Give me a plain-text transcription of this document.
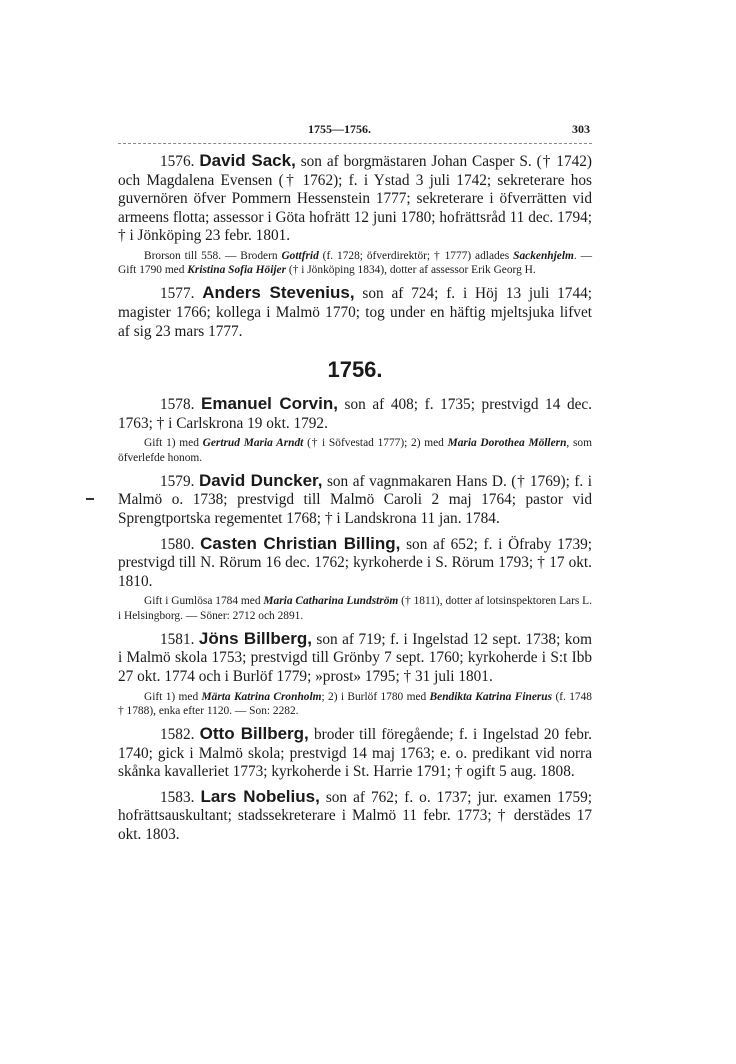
1755—1756.	303

1576. David Sack, son af borgmästaren Johan Casper S. († 1742) och Magdalena Evensen († 1762); f. i Ystad 3 juli 1742; sekreterare hos guvernören öfver Pommern Hessenstein 1777; sekreterare i öfverrätten vid armeens flotta; assessor i Göta hofrätt 12 juni 1780; hofrättsråd 11 dec. 1794; † i Jönköping 23 febr. 1801.

Brorson till 558. — Brodern Gottfrid (f. 1728; öfverdirektör; † 1777) adlades Sackenhjelm. — Gift 1790 med Kristina Sofia Höijer († i Jönköping 1834), dotter af assessor Erik Georg H.

1577. Anders Stevenius, son af 724; f. i Höj 13 juli 1744; magister 1766; kollega i Malmö 1770; tog under en häftig mjeltsjuka lifvet af sig 23 mars 1777.

1756.

1578. Emanuel Corvin, son af 408; f. 1735; prestvigd 14 dec. 1763; † i Carlskrona 19 okt. 1792.

Gift 1) med Gertrud Maria Arndt († i Söfvestad 1777); 2) med Maria Dorothea Möllern, som öfverlefde honom.

1579. David Duncker, son af vagnmakaren Hans D. († 1769); f. i Malmö o. 1738; prestvigd till Malmö Caroli 2 maj 1764; pastor vid Sprengtportska regementet 1768; † i Landskrona 11 jan. 1784.

1580. Casten Christian Billing, son af 652; f. i Öfraby 1739; prestvigd till N. Rörum 16 dec. 1762; kyrkoherde i S. Rörum 1793; † 17 okt. 1810.

Gift i Gumlösa 1784 med Maria Catharina Lundström († 1811), dotter af lotsinspektoren Lars L. i Helsingborg. — Söner: 2712 och 2891.

1581. Jöns Billberg, son af 719; f. i Ingelstad 12 sept. 1738; kom i Malmö skola 1753; prestvigd till Grönby 7 sept. 1760; kyrkoherde i S:t Ibb 27 okt. 1774 och i Burlöf 1779; »prost» 1795; † 31 juli 1801.

Gift 1) med Märta Katrina Cronholm; 2) i Burlöf 1780 med Bendikta Katrina Finerus (f. 1748 † 1788), enka efter 1120. — Son: 2282.

1582. Otto Billberg, broder till föregående; f. i Ingelstad 20 febr. 1740; gick i Malmö skola; prestvigd 14 maj 1763; e. o. predikant vid norra skånka kavalleriet 1773; kyrkoherde i St. Harrie 1791; † ogift 5 aug. 1808.

1583. Lars Nobelius, son af 762; f. o. 1737; jur. examen 1759; hofrättsauskultant; stadssekreterare i Malmö 11 febr. 1773; † derstädes 17 okt. 1803.
